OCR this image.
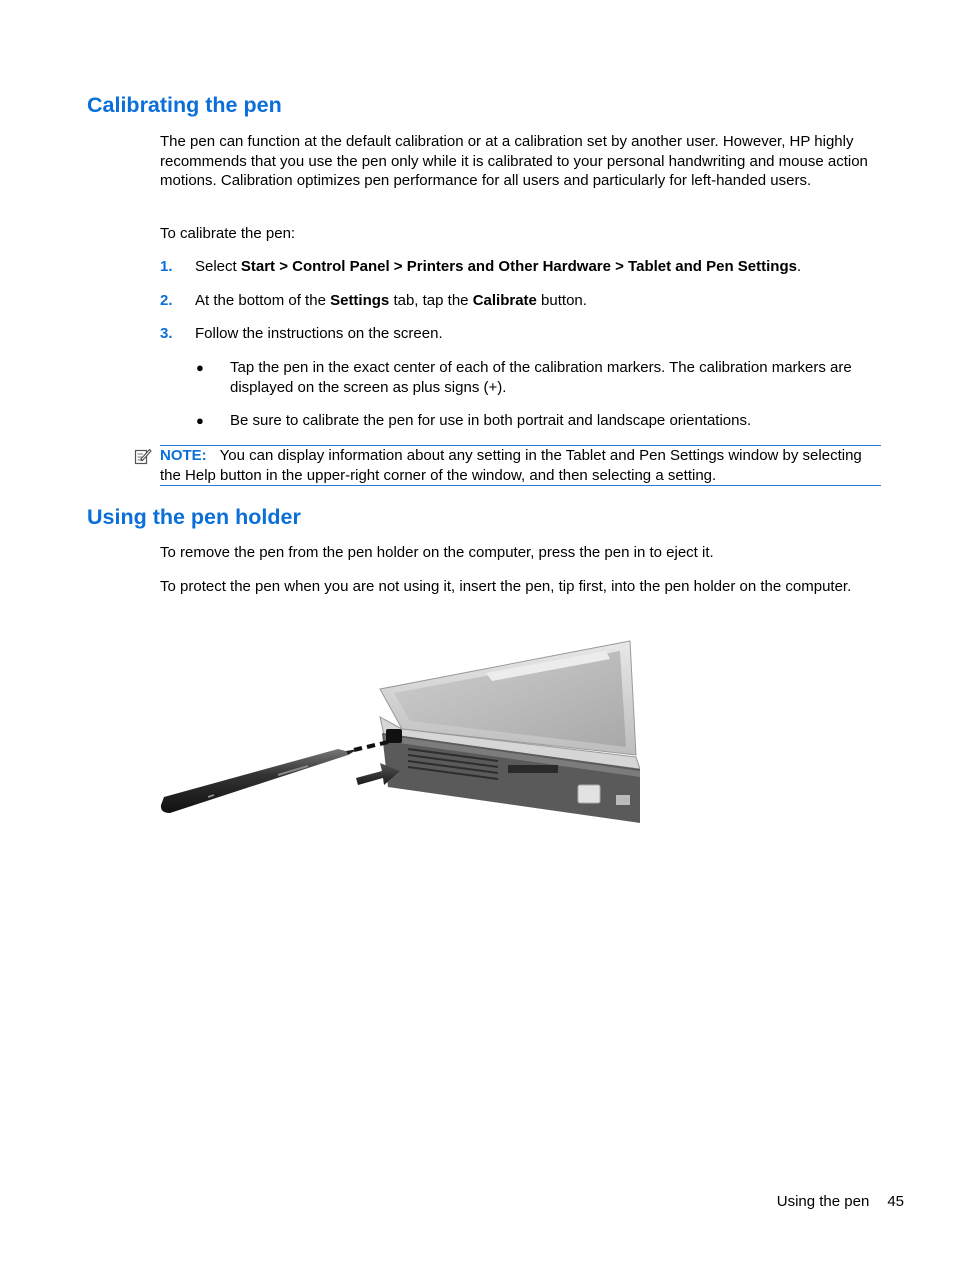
Calibrating the pen

The pen can function at the default calibration or at a calibration set by another user. However, HP highly recommends that you use the pen only while it is calibrated to your personal handwriting and mouse action motions. Calibration optimizes pen performance for all users and particularly for left-handed users.

To calibrate the pen:

1. Select Start > Control Panel > Printers and Other Hardware > Tablet and Pen Settings.
2. At the bottom of the Settings tab, tap the Calibrate button.
3. Follow the instructions on the screen.
● Tap the pen in the exact center of each of the calibration markers. The calibration markers are displayed on the screen as plus signs (+).
● Be sure to calibrate the pen for use in both portrait and landscape orientations.
NOTE: You can display information about any setting in the Tablet and Pen Settings window by selecting the Help button in the upper-right corner of the window, and then selecting a setting.
Using the pen holder

To remove the pen from the pen holder on the computer, press the pen in to eject it.

To protect the pen when you are not using it, insert the pen, tip first, into the pen holder on the computer.

Using the pen 45
